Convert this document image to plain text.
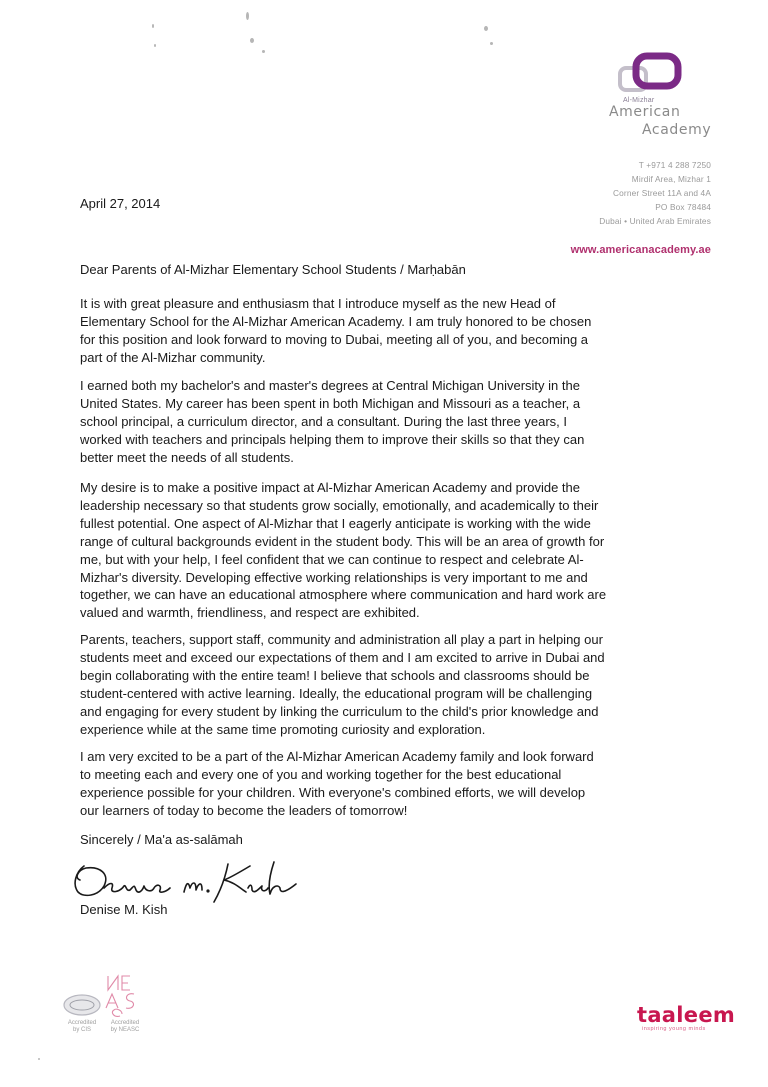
Al-Mizhar
American
Academy
T +971 4 288 7250
Mirdif Area, Mizhar 1
Corner Street 11A and 4A
PO Box 78484
Dubai • United Arab Emirates
www.americanacademy.ae
April 27, 2014
Dear Parents of Al-Mizhar Elementary School Students / Marḥabān
It is with great pleasure and enthusiasm that I introduce myself as the new Head of
Elementary School for the Al-Mizhar American Academy. I am truly honored to be chosen
for this position and look forward to moving to Dubai, meeting all of you, and becoming a
part of the Al-Mizhar community.
I earned both my bachelor's and master's degrees at Central Michigan University in the
United States. My career has been spent in both Michigan and Missouri as a teacher, a
school principal, a curriculum director, and a consultant. During the last three years, I
worked with teachers and principals helping them to improve their skills so that they can
better meet the needs of all students.
My desire is to make a positive impact at Al-Mizhar American Academy and provide the
leadership necessary so that students grow socially, emotionally, and academically to their
fullest potential. One aspect of Al-Mizhar that I eagerly anticipate is working with the wide
range of cultural backgrounds evident in the student body. This will be an area of growth for
me, but with your help, I feel confident that we can continue to respect and celebrate Al-
Mizhar's diversity. Developing effective working relationships is very important to me and
together, we can have an educational atmosphere where communication and hard work are
valued and warmth, friendliness, and respect are exhibited.
Parents, teachers, support staff, community and administration all play a part in helping our
students meet and exceed our expectations of them and I am excited to arrive in Dubai and
begin collaborating with the entire team! I believe that schools and classrooms should be
student-centered with active learning. Ideally, the educational program will be challenging
and engaging for every student by linking the curriculum to the child's prior knowledge and
experience while at the same time promoting curiosity and exploration.
I am very excited to be a part of the Al-Mizhar American Academy family and look forward
to meeting each and every one of you and working together for the best educational
experience possible for your children. With everyone's combined efforts, we will develop
our learners of today to become the leaders of tomorrow!
Sincerely / Ma'a as-salāmah
Denise M. Kish
Accredited
by CIS
Accredited
by NEASC
taaleem
inspiring young minds
